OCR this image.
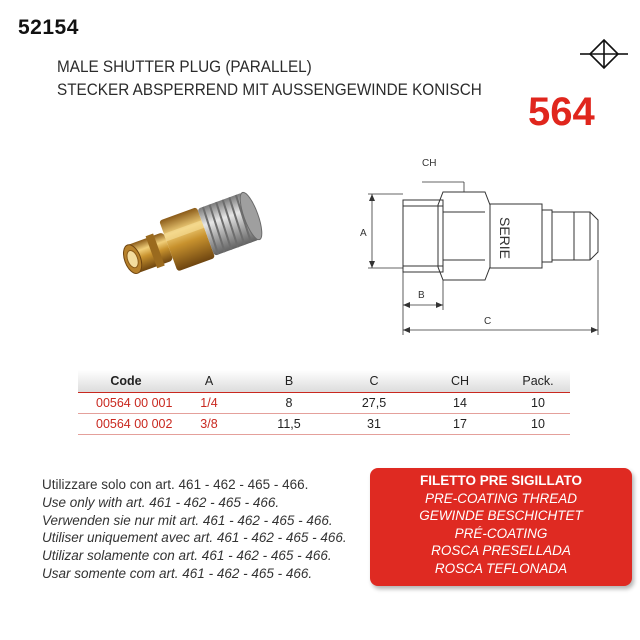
52154
MALE SHUTTER PLUG (PARALLEL)
STECKER ABSPERREND MIT AUSSENGEWINDE KONISCH
564
SERIE
CH
A
B
C
Code	A	B	C	CH	Pack.
00564 00 001	1/4	8	27,5	14	10
00564 00 002	3/8	11,5	31	17	10
Utilizzare solo con art. 461 - 462 - 465 - 466.
Use only with art. 461 - 462 - 465 - 466.
Verwenden sie nur mit art. 461 - 462 - 465 - 466.
Utiliser uniquement avec art. 461 - 462 - 465 - 466.
Utilizar solamente con art. 461 - 462 - 465 - 466.
Usar somente com art. 461 - 462 - 465 - 466.
FILETTO PRE SIGILLATO
PRE-COATING THREAD
GEWINDE BESCHICHTET
PRÉ-COATING
ROSCA PRESELLADA
ROSCA TEFLONADA
